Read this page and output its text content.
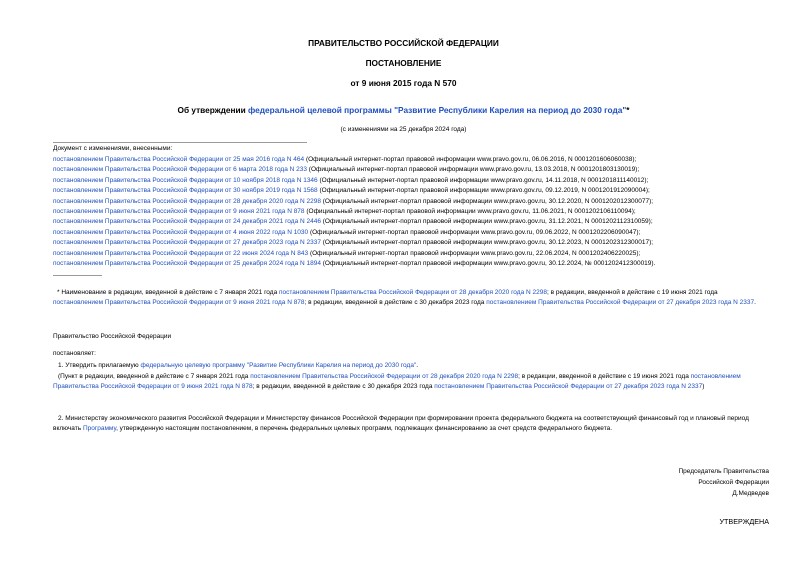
ПРАВИТЕЛЬСТВО РОССИЙСКОЙ ФЕДЕРАЦИИ
ПОСТАНОВЛЕНИЕ
от 9 июня 2015 года N 570
Об утверждении федеральной целевой программы "Развитие Республики Карелия на период до 2030 года"*
(с изменениями на 25 декабря 2024 года)
Документ с изменениями, внесенными:
постановлением Правительства Российской Федерации от 25 мая 2016 года N 464 (Официальный интернет-портал правовой информации www.pravo.gov.ru, 06.06.2016, N 0001201606060038);
постановлением Правительства Российской Федерации от 6 марта 2018 года N 233 (Официальный интернет-портал правовой информации www.pravo.gov.ru, 13.03.2018, N 0001201803130019);
постановлением Правительства Российской Федерации от 10 ноября 2018 года N 1346 (Официальный интернет-портал правовой информации www.pravo.gov.ru, 14.11.2018, N 0001201811140012);
постановлением Правительства Российской Федерации от 30 ноября 2019 года N 1568 (Официальный интернет-портал правовой информации www.pravo.gov.ru, 09.12.2019, N 0001201912090004);
постановлением Правительства Российской Федерации от 28 декабря 2020 года N 2298 (Официальный интернет-портал правовой информации www.pravo.gov.ru, 30.12.2020, N 0001202012300077);
постановлением Правительства Российской Федерации от 9 июня 2021 года N 878 (Официальный интернет-портал правовой информации www.pravo.gov.ru, 11.06.2021, N 0001202106110094);
постановлением Правительства Российской Федерации от 24 декабря 2021 года N 2446 (Официальный интернет-портал правовой информации www.pravo.gov.ru, 31.12.2021, N 0001202112310059);
постановлением Правительства Российской Федерации от 4 июня 2022 года N 1030 (Официальный интернет-портал правовой информации www.pravo.gov.ru, 09.06.2022, N 0001202206090047);
постановлением Правительства Российской Федерации от 27 декабря 2023 года N 2337 (Официальный интернет-портал правовой информации www.pravo.gov.ru, 30.12.2023, N 0001202312300017);
постановлением Правительства Российской Федерации от 22 июня 2024 года N 843 (Официальный интернет-портал правовой информации www.pravo.gov.ru, 22.06.2024, N 0001202406220025);
постановлением Правительства Российской Федерации от 25 декабря 2024 года N 1894 (Официальный интернет-портал правовой информации www.pravo.gov.ru, 30.12.2024, № 0001202412300019).
* Наименование в редакции, введенной в действие с 7 января 2021 года постановлением Правительства Российской Федерации от 28 декабря 2020 года N 2298; в редакции, введенной в действие с 19 июня 2021 года постановлением Правительства Российской Федерации от 9 июня 2021 года N 878; в редакции, введенной в действие с 30 декабря 2023 года постановлением Правительства Российской Федерации от 27 декабря 2023 года N 2337.
Правительство Российской Федерации
постановляет:
1. Утвердить прилагаемую федеральную целевую программу "Развитие Республики Карелия на период до 2030 года".
(Пункт в редакции, введенной в действие с 7 января 2021 года постановлением Правительства Российской Федерации от 28 декабря 2020 года N 2298; в редакции, введенной в действие с 19 июня 2021 года постановлением Правительства Российской Федерации от 9 июня 2021 года N 878; в редакции, введенной в действие с 30 декабря 2023 года постановлением Правительства Российской Федерации от 27 декабря 2023 года N 2337)
2. Министерству экономического развития Российской Федерации и Министерству финансов Российской Федерации при формировании проекта федерального бюджета на соответствующий финансовый год и плановый период включать Программу, утвержденную настоящим постановлением, в перечень федеральных целевых программ, подлежащих финансированию за счет средств федерального бюджета.
Председатель Правительства
Российской Федерации
Д.Медведев
УТВЕРЖДЕНА
